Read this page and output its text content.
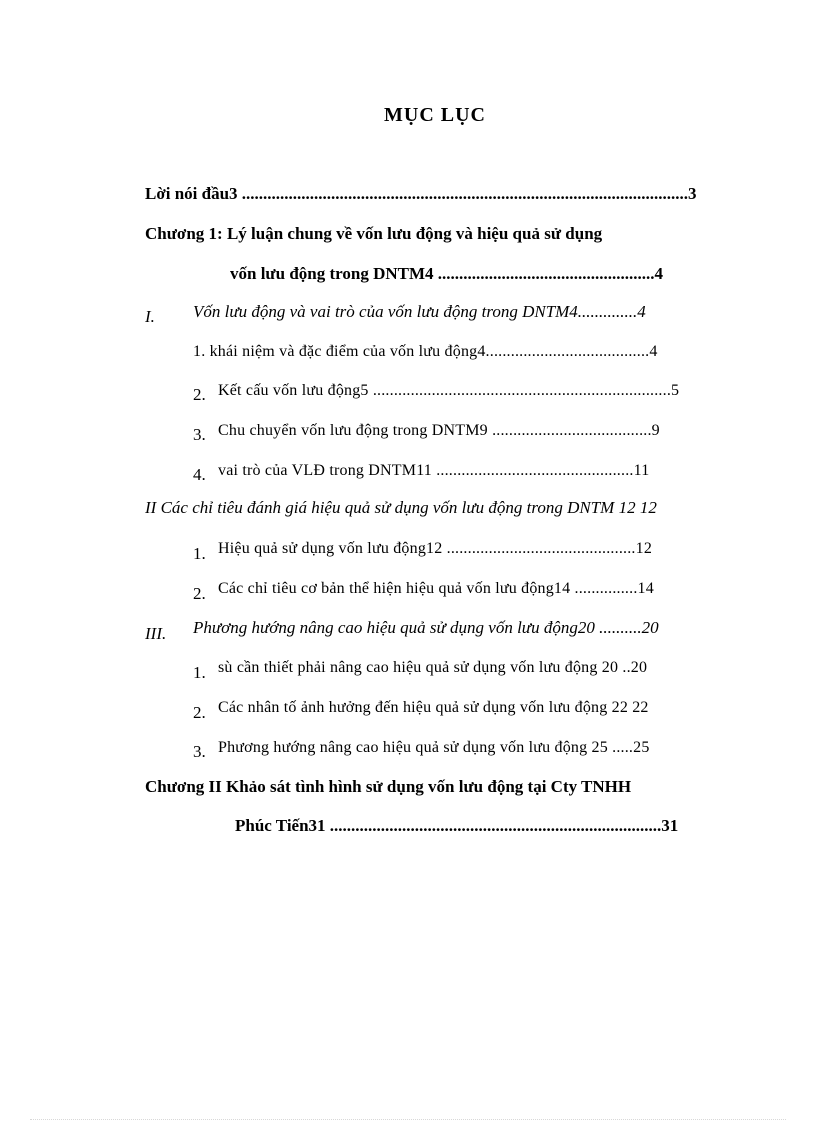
MỤC LỤC
Lời nói đầu3 .........................................................................................................3
Chương 1: Lý luận chung về vốn lưu động và hiệu quả sử dụng
vốn lưu động trong DNTM4 ...................................................4
I. Vốn lưu động và vai trò của vốn lưu động trong DNTM4..............4
1. khái niệm và đặc điểm của vốn lưu động4.......................................4
2. Kết cấu vốn lưu động5 .......................................................................5
3. Chu chuyển vốn lưu động trong DNTM9 ......................................9
4. vai trò của VLĐ trong DNTM11 ...............................................11
II Các chỉ tiêu đánh giá hiệu quả sử dụng vốn lưu động trong DNTM 12 12
1. Hiệu quả sử dụng vốn lưu động12 .............................................12
2. Các chỉ tiêu cơ bản thể hiện hiệu quả vốn lưu động14 ...............14
III. Phương hướng nâng cao hiệu quả sử dụng vốn lưu động20 ..........20
1. sù cần thiết phải nâng cao hiệu quả sử dụng vốn lưu động 20 ..20
2. Các nhân tố ảnh hưởng đến hiệu quả sử dụng vốn lưu động 22 22
3. Phương hướng nâng cao hiệu quả sử dụng vốn lưu động 25 .....25
Chương II Khảo sát tình hình sử dụng vốn lưu động tại Cty TNHH
Phúc Tiến31 ..............................................................................31
